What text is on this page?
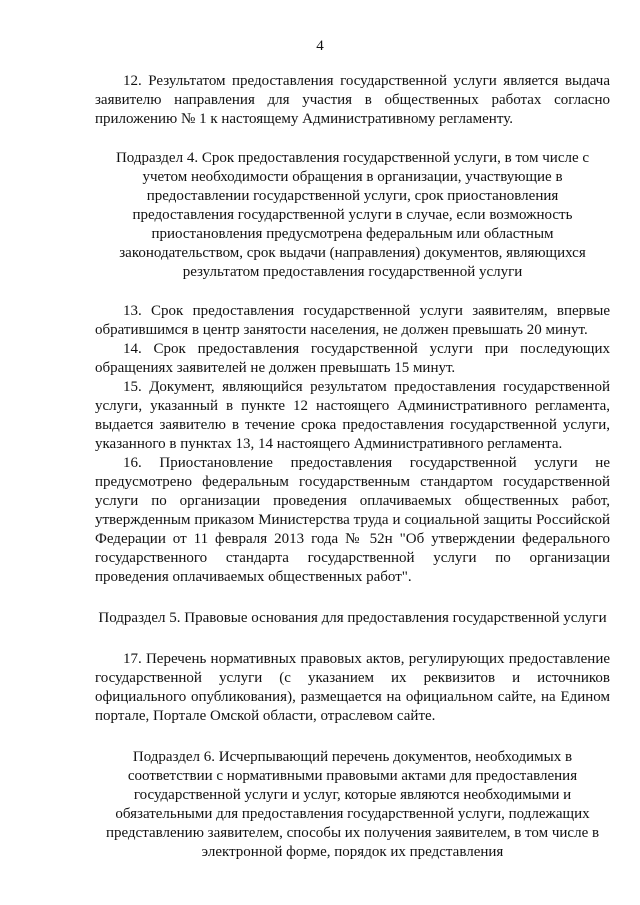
4

12. Результатом предоставления государственной услуги является выдача заявителю направления для участия в общественных работах согласно приложению № 1 к настоящему Административному регламенту.

Подраздел 4. Срок предоставления государственной услуги, в том числе с учетом необходимости обращения в организации, участвующие в предоставлении государственной услуги, срок приостановления предоставления государственной услуги в случае, если возможность приостановления предусмотрена федеральным или областным законодательством, срок выдачи (направления) документов, являющихся результатом предоставления государственной услуги

13. Срок предоставления государственной услуги заявителям, впервые обратившимся в центр занятости населения, не должен превышать 20 минут.

14. Срок предоставления государственной услуги при последующих обращениях заявителей не должен превышать 15 минут.

15. Документ, являющийся результатом предоставления государственной услуги, указанный в пункте 12 настоящего Административного регламента, выдается заявителю в течение срока предоставления государственной услуги, указанного в пунктах 13, 14 настоящего Административного регламента.

16. Приостановление предоставления государственной услуги не предусмотрено федеральным государственным стандартом государственной услуги по организации проведения оплачиваемых общественных работ, утвержденным приказом Министерства труда и социальной защиты Российской Федерации от 11 февраля 2013 года № 52н "Об утверждении федерального государственного стандарта государственной услуги по организации проведения оплачиваемых общественных работ".

Подраздел 5. Правовые основания для предоставления государственной услуги

17. Перечень нормативных правовых актов, регулирующих предоставление государственной услуги (с указанием их реквизитов и источников официального опубликования), размещается на официальном сайте, на Едином портале, Портале Омской области, отраслевом сайте.

Подраздел 6. Исчерпывающий перечень документов, необходимых в соответствии с нормативными правовыми актами для предоставления государственной услуги и услуг, которые являются необходимыми и обязательными для предоставления государственной услуги, подлежащих представлению заявителем, способы их получения заявителем, в том числе в электронной форме, порядок их представления
